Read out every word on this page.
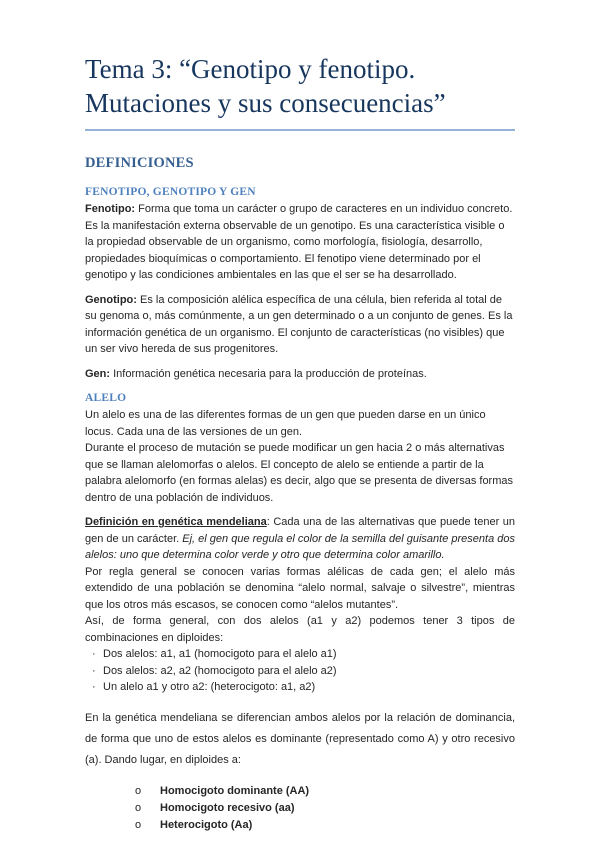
Tema 3: “Genotipo y fenotipo. Mutaciones y sus consecuencias”
DEFINICIONES
FENOTIPO, GENOTIPO Y GEN

Fenotipo: Forma que toma un carácter o grupo de caracteres en un individuo concreto. Es la manifestación externa observable de un genotipo. Es una característica visible o la propiedad observable de un organismo, como morfología, fisiología, desarrollo, propiedades bioquímicas o comportamiento. El fenotipo viene determinado por el genotipo y las condiciones ambientales en las que el ser se ha desarrollado.

Genotipo: Es la composición alélica específica de una célula, bien referida al total de su genoma o, más comúnmente, a un gen determinado o a un conjunto de genes. Es la información genética de un organismo. El conjunto de características (no visibles) que un ser vivo hereda de sus progenitores.

Gen: Información genética necesaria para la producción de proteínas.

ALELO

Un alelo es una de las diferentes formas de un gen que pueden darse en un único locus. Cada una de las versiones de un gen.

Durante el proceso de mutación se puede modificar un gen hacia 2 o más alternativas que se llaman alelomorfas o alelos. El concepto de alelo se entiende a partir de la palabra alelomorfo (en formas alelas) es decir, algo que se presenta de diversas formas dentro de una población de individuos.

Definición en genética mendeliana: Cada una de las alternativas que puede tener un gen de un carácter. Ej, el gen que regula el color de la semilla del guisante presenta dos alelos: uno que determina color verde y otro que determina color amarillo.

Por regla general se conocen varias formas alélicas de cada gen; el alelo más extendido de una población se denomina “alelo normal, salvaje o silvestre”, mientras que los otros más escasos, se conocen como “alelos mutantes”.

Así, de forma general, con dos alelos (a1 y a2) podemos tener 3 tipos de combinaciones en diploides:

· Dos alelos: a1, a1 (homocigoto para el alelo a1)
· Dos alelos: a2, a2 (homocigoto para el alelo a2)
· Un alelo a1 y otro a2: (heterocigoto: a1, a2)

En la genética mendeliana se diferencian ambos alelos por la relación de dominancia, de forma que uno de estos alelos es dominante (representado como A) y otro recesivo (a). Dando lugar, en diploides a:

o Homocigoto dominante (AA)
o Homocigoto recesivo (aa)
o Heterocigoto (Aa)
